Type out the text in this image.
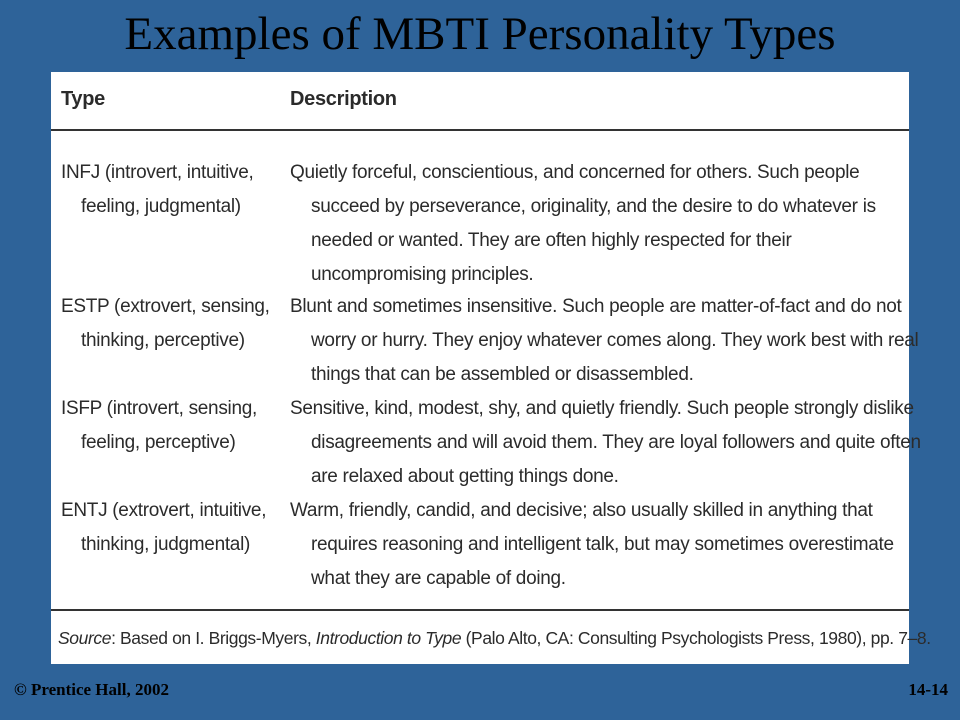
Examples of MBTI Personality Types
Type	Description
INFJ (introvert, intuitive, feeling, judgmental)
Quietly forceful, conscientious, and concerned for others. Such people succeed by perseverance, originality, and the desire to do whatever is needed or wanted. They are often highly respected for their uncompromising principles.
ESTP (extrovert, sensing, thinking, perceptive)
Blunt and sometimes insensitive. Such people are matter-of-fact and do not worry or hurry. They enjoy whatever comes along. They work best with real things that can be assembled or disassembled.
ISFP (introvert, sensing, feeling, perceptive)
Sensitive, kind, modest, shy, and quietly friendly. Such people strongly dislike disagreements and will avoid them. They are loyal followers and quite often are relaxed about getting things done.
ENTJ (extrovert, intuitive, thinking, judgmental)
Warm, friendly, candid, and decisive; also usually skilled in anything that requires reasoning and intelligent talk, but may sometimes overestimate what they are capable of doing.
Source: Based on I. Briggs-Myers, Introduction to Type (Palo Alto, CA: Consulting Psychologists Press, 1980), pp. 7–8.
© Prentice Hall, 2002	14-14
